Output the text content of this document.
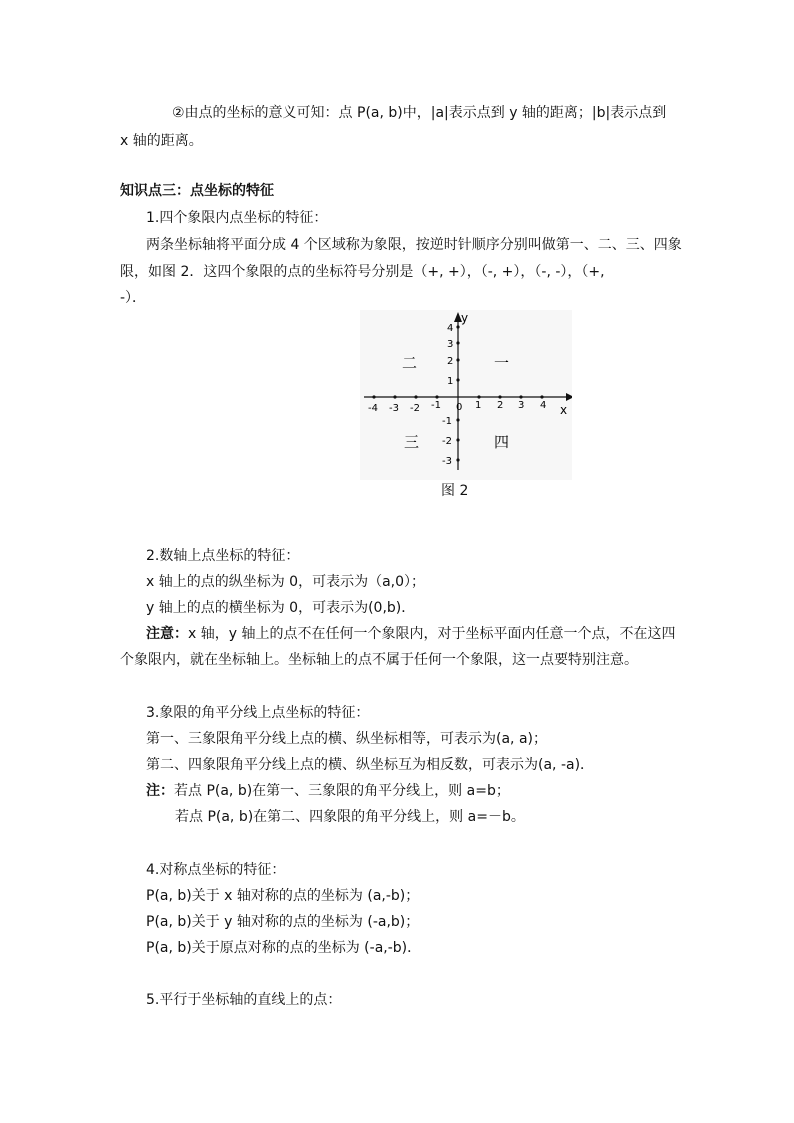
②由点的坐标的意义可知：点 P(a, b)中，|a|表示点到 y 轴的距离；|b|表示点到
x 轴的距离。
知识点三：点坐标的特征
1.四个象限内点坐标的特征：
两条坐标轴将平面分成 4 个区域称为象限，按逆时针顺序分别叫做第一、二、三、四象
限，如图 2．这四个象限的点的坐标符号分别是（+, +），（-, +），（-, -），（+,
-）．
x
y
0
-4 -3 -2 -1	1 2 3 4
4
3
2
1
-1
-2
-3
二	一
三	四
图 2
2.数轴上点坐标的特征：
x 轴上的点的纵坐标为 0，可表示为（a,0）；
y 轴上的点的横坐标为 0，可表示为(0,b)．
注意：x 轴，y 轴上的点不在任何一个象限内，对于坐标平面内任意一个点，不在这四
个象限内，就在坐标轴上。坐标轴上的点不属于任何一个象限，这一点要特别注意。
3.象限的角平分线上点坐标的特征：
第一、三象限角平分线上点的横、纵坐标相等，可表示为(a, a)；
第二、四象限角平分线上点的横、纵坐标互为相反数，可表示为(a, -a)．
注：若点 P(a, b)在第一、三象限的角平分线上，则 a=b；
若点 P(a, b)在第二、四象限的角平分线上，则 a=－b。
4.对称点坐标的特征：
P(a, b)关于 x 轴对称的点的坐标为 (a,-b)；
P(a, b)关于 y 轴对称的点的坐标为 (-a,b)；
P(a, b)关于原点对称的点的坐标为 (-a,-b)．
5.平行于坐标轴的直线上的点：
